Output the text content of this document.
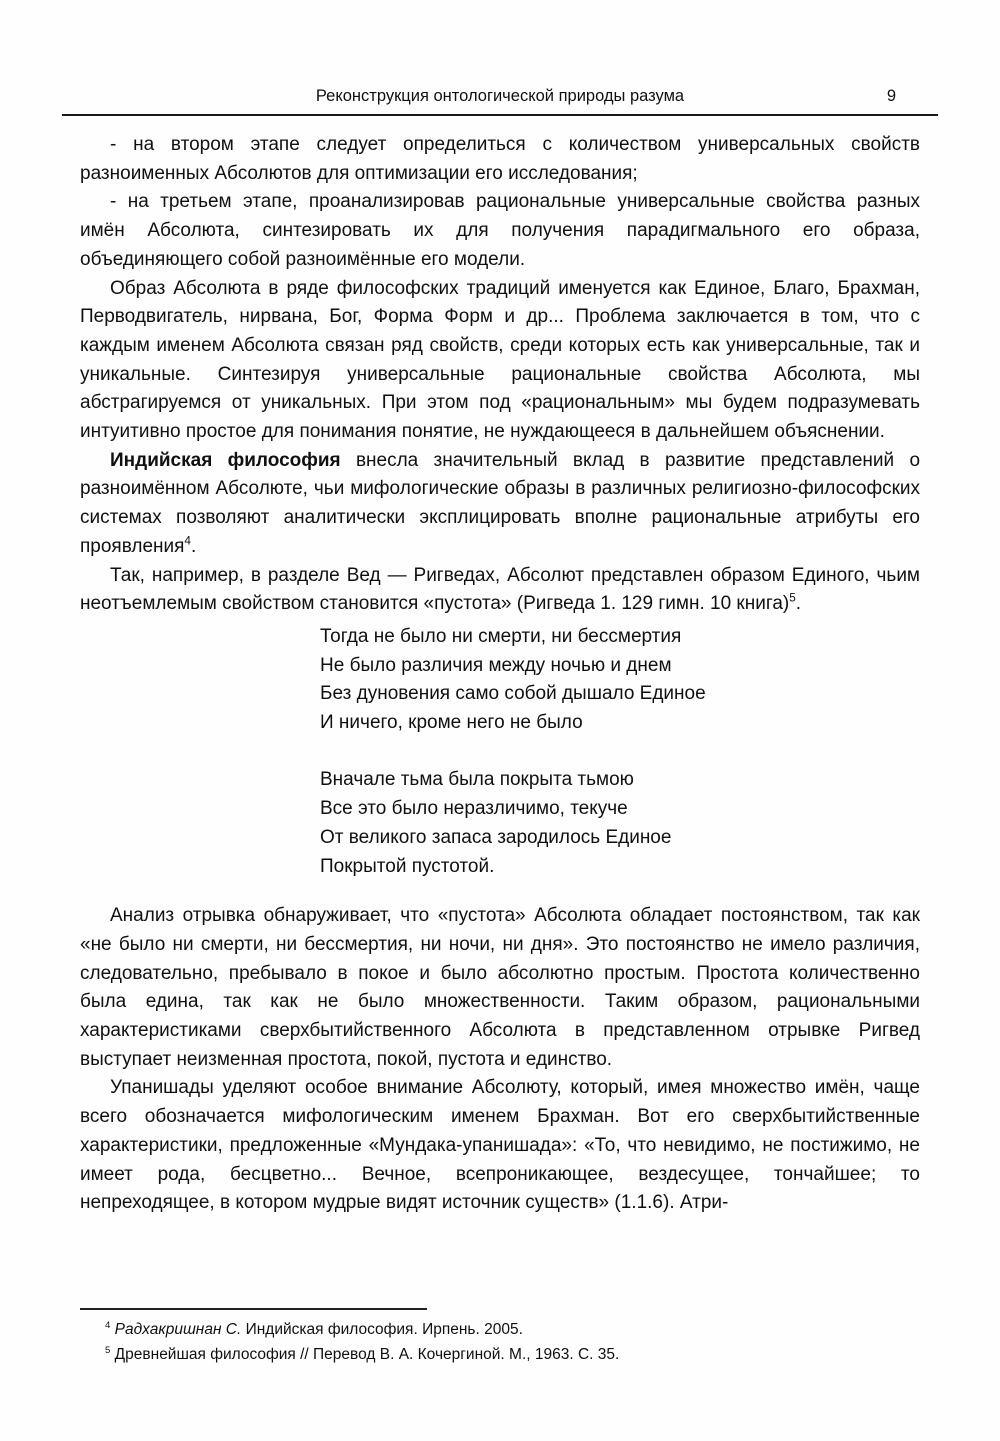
Реконструкция онтологической природы разума	9

- на втором этапе следует определиться с количеством универсальных свойств разноименных Абсолютов для оптимизации его исследования;

- на третьем этапе, проанализировав рациональные универсальные свойства разных имён Абсолюта, синтезировать их для получения парадигмального его образа, объединяющего собой разноимённые его модели.

Образ Абсолюта в ряде философских традиций именуется как Единое, Благо, Брахман, Перводвигатель, нирвана, Бог, Форма Форм и др... Проблема заключается в том, что с каждым именем Абсолюта связан ряд свойств, среди которых есть как универсальные, так и уникальные. Синтезируя универсальные рациональные свойства Абсолюта, мы абстрагируемся от уникальных. При этом под «рациональным» мы будем подразумевать интуитивно простое для понимания понятие, не нуждающееся в дальнейшем объяснении.

Индийская философия внесла значительный вклад в развитие представлений о разноимённом Абсолюте, чьи мифологические образы в различных религиозно-философских системах позволяют аналитически эксплицировать вполне рациональные атрибуты его проявления$^4$.

Так, например, в разделе Вед — Ригведах, Абсолют представлен образом Единого, чьим неотъемлемым свойством становится «пустота» (Ригведа 1. 129 гимн. 10 книга)$^5$.

Тогда не было ни смерти, ни бессмертия
Не было различия между ночью и днем
Без дуновения само собой дышало Единое
И ничего, кроме него не было
Вначале тьма была покрыта тьмою
Все это было неразличимо, текуче
От великого запаса зародилось Единое
Покрытой пустотой.

Анализ отрывка обнаруживает, что «пустота» Абсолюта обладает постоянством, так как «не было ни смерти, ни бессмертия, ни ночи, ни дня». Это постоянство не имело различия, следовательно, пребывало в покое и было абсолютно простым. Простота количественно была едина, так как не было множественности. Таким образом, рациональными характеристиками сверхбытийственного Абсолюта в представленном отрывке Ригвед выступает неизменная простота, покой, пустота и единство.

Упанишады уделяют особое внимание Абсолюту, который, имея множество имён, чаще всего обозначается мифологическим именем Брахман. Вот его сверхбытийственные характеристики, предложенные «Мундака-упанишада»: «То, что невидимо, не постижимо, не имеет рода, бесцветно... Вечное, всепроникающее, вездесущее, тончайшее; то непреходящее, в котором мудрые видят источник существ» (1.1.6). Атри-

$^4$ Радхакришнан С. Индийская философия. Ирпень. 2005.
$^5$ Древнейшая философия // Перевод В. А. Кочергиной. М., 1963. С. 35.
